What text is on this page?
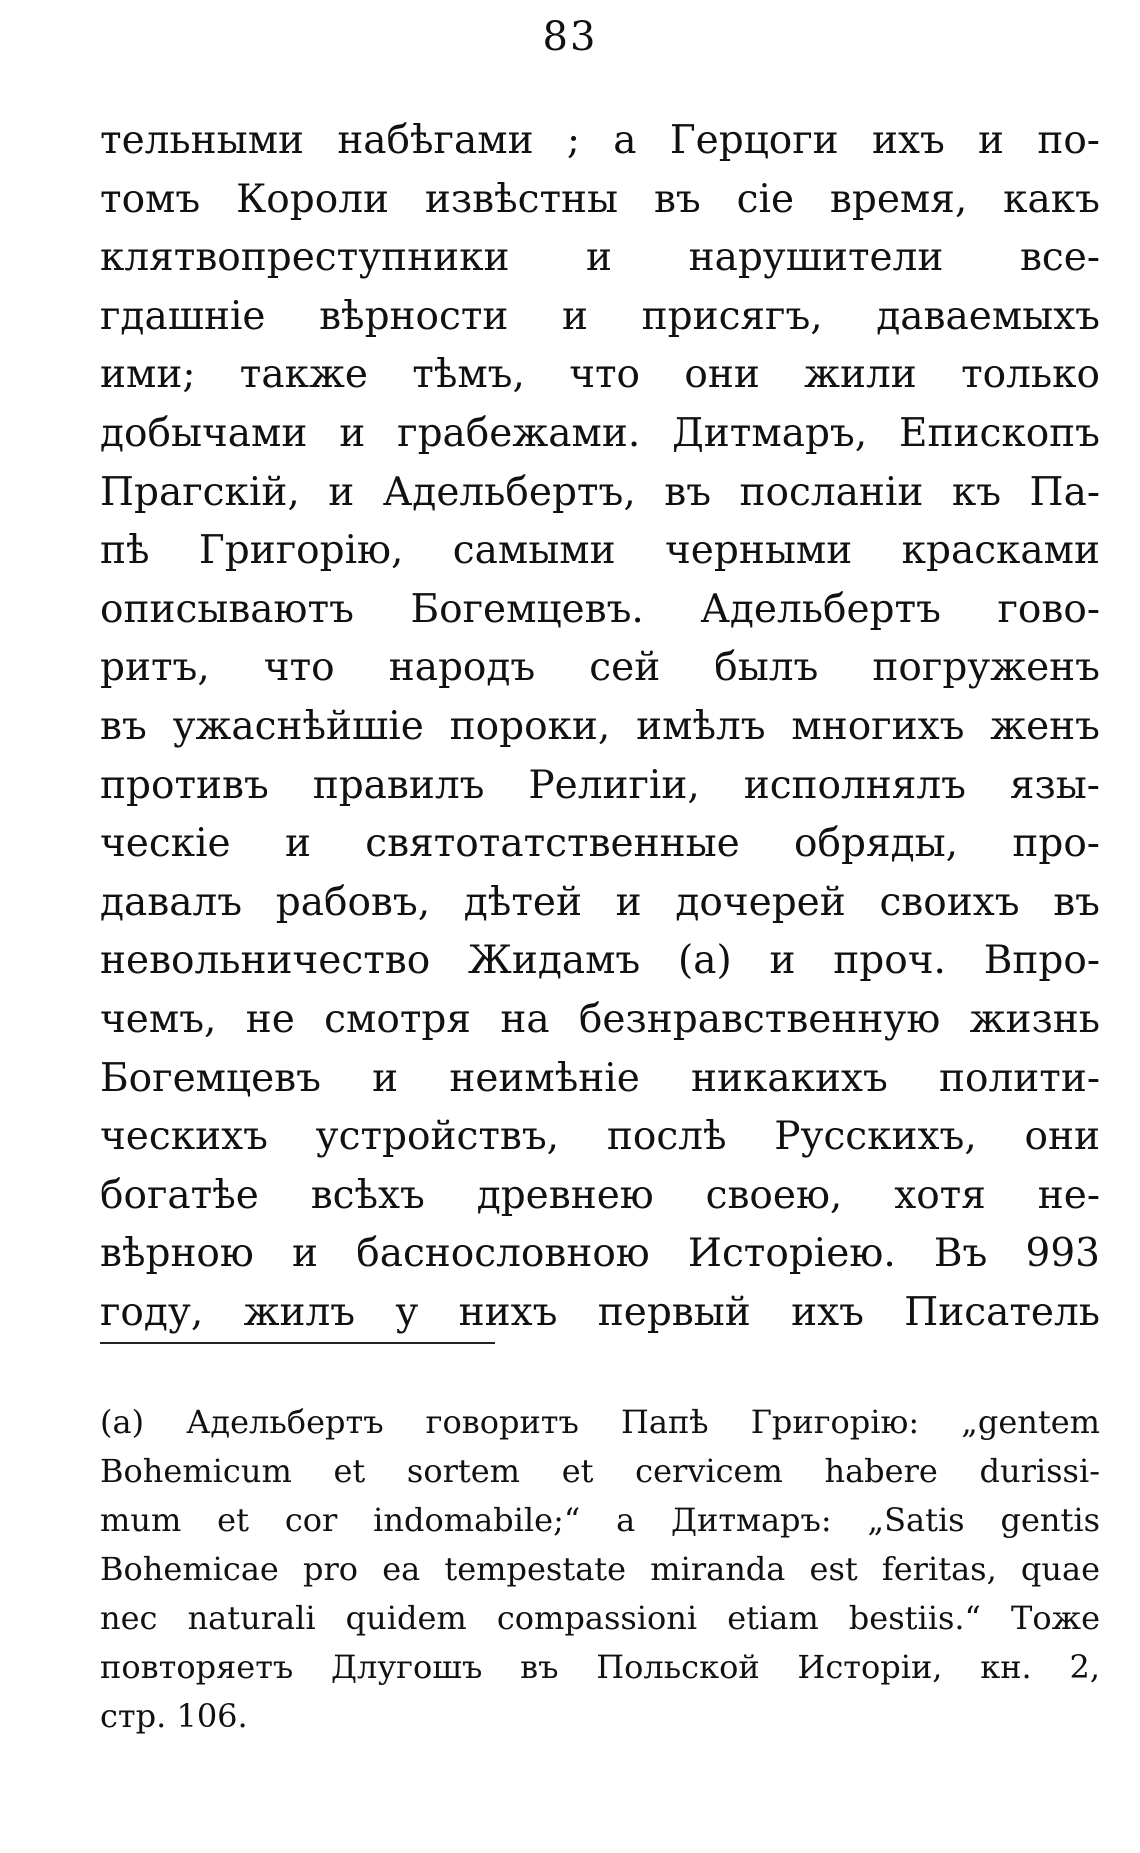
83
тельными набѣгами ; а Герцоги ихъ и по-
томъ Короли извѣстны въ сіе время, какъ
клятвопреступники и нарушители все-
гдашніе вѣрности и присягъ, даваемыхъ
ими; также тѣмъ, что они жили только
добычами и грабежами. Дитмаръ, Епископъ
Прагскій, и Адельбертъ, въ посланіи къ Па-
пѣ Григорію, самыми черными красками
описываютъ Богемцевъ. Адельбертъ гово-
ритъ, что народъ сей былъ погруженъ
въ ужаснѣйшіе пороки, имѣлъ многихъ женъ
противъ правилъ Религіи, исполнялъ язы-
ческіе и святотатственные обряды, про-
давалъ рабовъ, дѣтей и дочерей своихъ въ
невольничество Жидамъ (а) и проч. Впро-
чемъ, не смотря на безнравственную жизнь
Богемцевъ и неимѣніе никакихъ полити-
ческихъ устройствъ, послѣ Русскихъ, они
богатѣе всѣхъ древнею своею, хотя не-
вѣрною и баснословною Исторіею. Въ 993
году, жилъ у нихъ первый ихъ Писатель
(а) Адельбертъ говоритъ Папѣ Григорію: „gentem
Bohemicum et sortem et cervicem habere durissi-
mum et cor indomabile;“ а Дитмаръ: „Satis gentis
Bohemicae pro ea tempestate miranda est feritas, quae
nec naturali quidem compassioni etiam bestiis.“ Тоже
повторяетъ Длугошъ въ Польской Исторіи, кн. 2,
стр. 106.
